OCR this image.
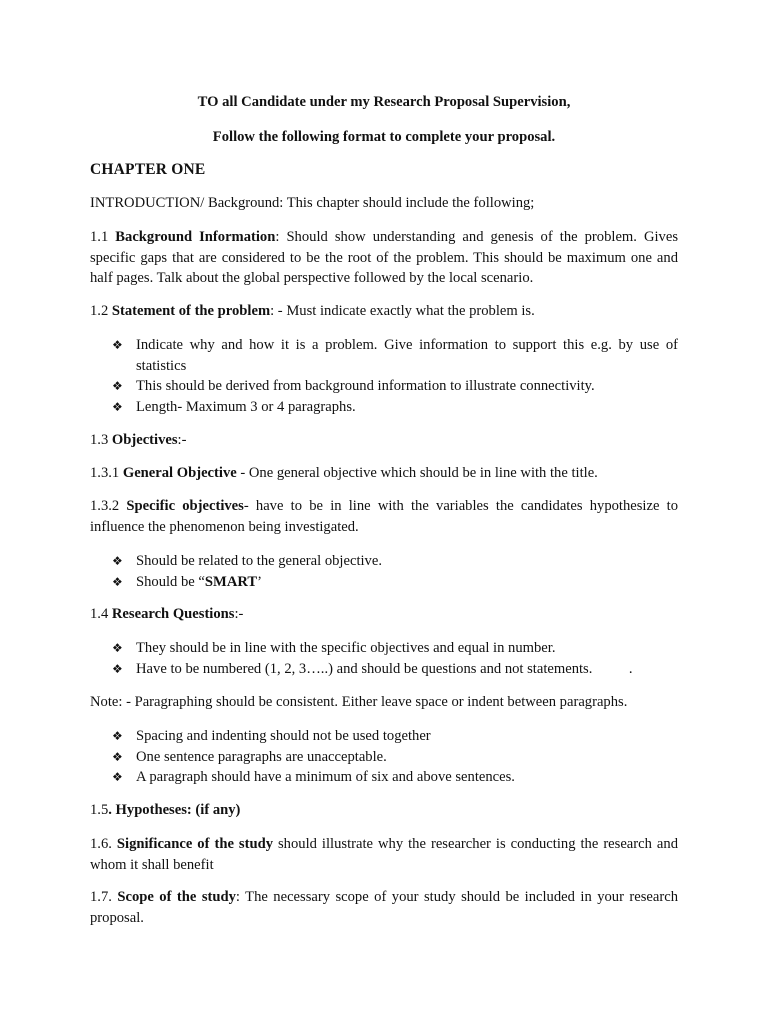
TO all Candidate under my Research Proposal Supervision,

Follow the following format to complete your proposal.

CHAPTER ONE

INTRODUCTION/ Background: This chapter should include the following;

1.1 Background Information: Should show understanding and genesis of the problem. Gives specific gaps that are considered to be the root of the problem. This should be maximum one and half pages. Talk about the global perspective followed by the local scenario.

1.2 Statement of the problem: - Must indicate exactly what the problem is.

❖ Indicate why and how it is a problem. Give information to support this e.g. by use of statistics
❖ This should be derived from background information to illustrate connectivity.
❖ Length- Maximum 3 or 4 paragraphs.

1.3 Objectives:-

1.3.1 General Objective - One general objective which should be in line with the title.

1.3.2 Specific objectives- have to be in line with the variables the candidates hypothesize to influence the phenomenon being investigated.

❖ Should be related to the general objective.
❖ Should be “SMART’

1.4 Research Questions:-

❖ They should be in line with the specific objectives and equal in number.
❖ Have to be numbered (1, 2, 3…..) and should be questions and not statements.          .

Note: - Paragraphing should be consistent. Either leave space or indent between paragraphs.

❖ Spacing and indenting should not be used together
❖ One sentence paragraphs are unacceptable.
❖ A paragraph should have a minimum of six and above sentences.

1.5. Hypotheses: (if any)

1.6. Significance of the study should illustrate why the researcher is conducting the research and whom it shall benefit

1.7. Scope of the study: The necessary scope of your study should be included in your research proposal.
